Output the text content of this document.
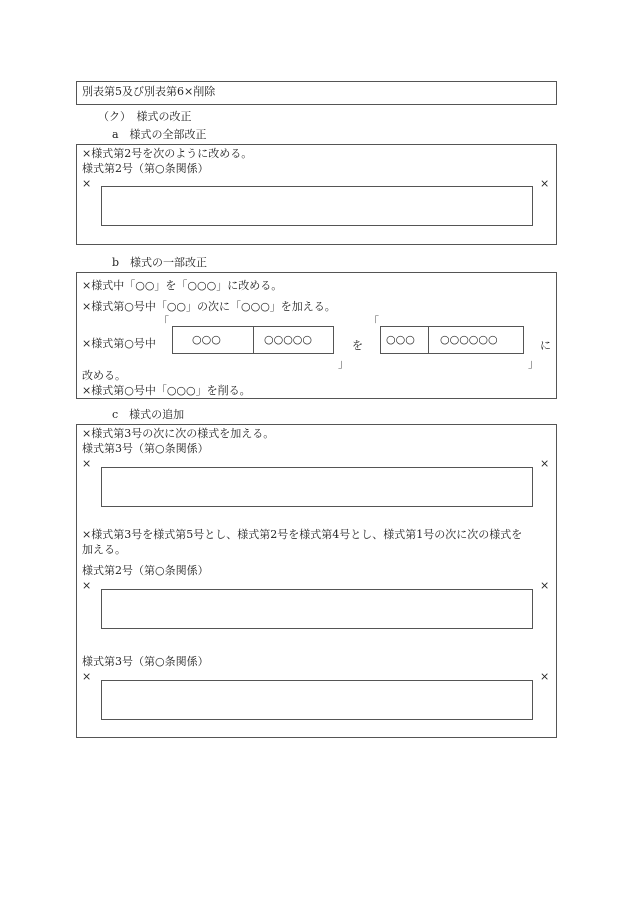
別表第5及び別表第6×削除
（ク）　様式の改正
a　様式の全部改正
×様式第2号を次のように改める。
様式第2号（第○条関係）
×	×
b　様式の一部改正
×様式中「○○」を「○○○」に改める。
×様式第○号中「○○」の次に「○○○」を加える。
「	「
×様式第○号中	○○○	○○○○○	を ○○○ ○○○○○○	に
」	」
改める。
×様式第○号中「○○○」を削る。
c　様式の追加
×様式第3号の次に次の様式を加える。
様式第3号（第○条関係）
×	×
×様式第3号を様式第5号とし、様式第2号を様式第4号とし、様式第1号の次に次の様式を
加える。
様式第2号（第○条関係）
×	×
様式第3号（第○条関係）
×	×
